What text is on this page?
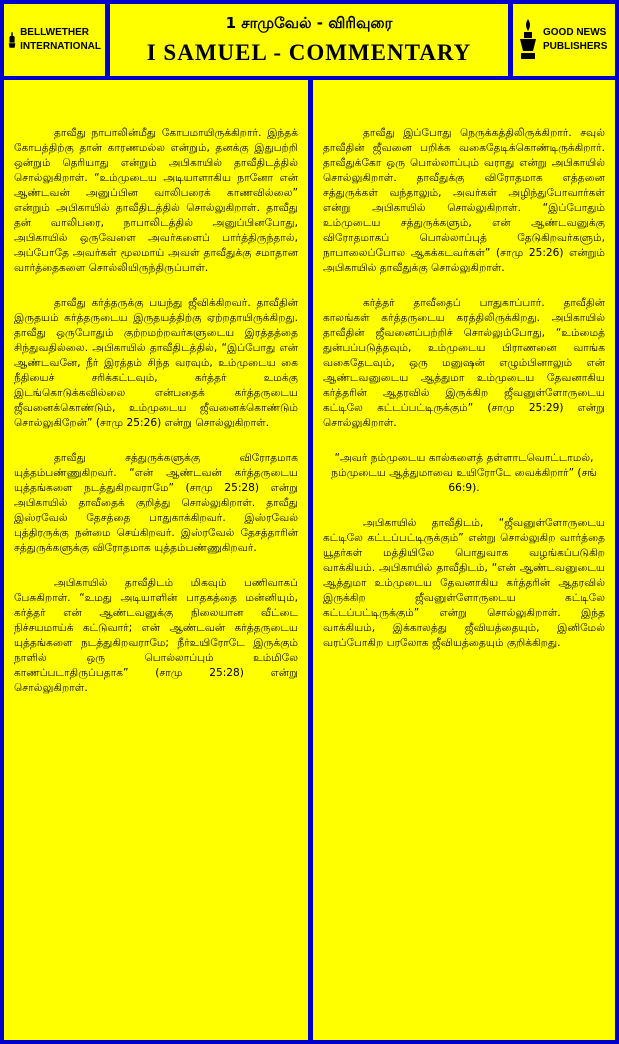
BELLWETHER
INTERNATIONAL
1 சாமுவேல் - விரிவுரை
I SAMUEL - COMMENTARY
GOOD NEWS
PUBLISHERS

தாவீது நாபாலின்மீது கோபமாயிருக்கிறார். இந்தக் கோபத்திற்கு தான் காரணமல்ல என்றும், தனக்கு இதுபற்றி ஒன்றும் தெரியாது என்றும் அபிகாயில் தாவீதிடத்தில் சொல்லுகிறாள். “உம்முடைய அடியாளாகிய நானோ என் ஆண்டவன் அனுப்பின வாலிபரைக் காணவில்லை” என்றும் அபிகாயில் தாவீதிடத்தில் சொல்லுகிறாள். தாவீது தன் வாலிபரை, நாபாலிடத்தில் அனுப்பினபோது, அபிகாயில் ஒருவேளை அவர்களைப் பார்த்திருந்தால், அப்போதே அவர்கள் மூலமாய் அவள் தாவீதுக்கு சமாதான வார்த்தைகளை சொல்லியிருந்திருப்பாள்.

தாவீது கர்த்தருக்கு பயந்து ஜீவிக்கிறவர். தாவீதின் இருதயம் கர்த்தருடைய இருதயத்திற்கு ஏற்றதாயிருக்கிறது. தாவீது ஒருபோதும் குற்றமற்றவர்களுடைய இரத்தத்தை சிந்துவதில்லை. அபிகாயில் தாவீதிடத்தில், “இப்போது என் ஆண்டவனே, நீர் இரத்தம் சிந்த வரவும், உம்முடைய கை நீதியைச் சரிக்கட்டவும், கர்த்தர் உமக்கு இடங்கொடுக்கவில்லை என்பதைக் கர்த்தருடைய ஜீவனைக்கொண்டும், உம்முடைய ஜீவனைக்கொண்டும் சொல்லுகிறேன்” (சாமு 25:26) என்று சொல்லுகிறாள்.

தாவீது சத்துருக்களுக்கு விரோதமாக யுத்தம்பண்ணுகிறவர். “என் ஆண்டவன் கர்த்தருடைய யுத்தங்களை நடத்துகிறவராமே” (சாமு 25:28) என்று அபிகாயில் தாவீதைக் குறித்து சொல்லுகிறாள். தாவீது இஸ்ரவேல் தேசத்தை பாதுகாக்கிறவர். இஸ்ரவேல் புத்திரருக்கு நன்மை செய்கிறவர். இஸ்ரவேல் தேசத்தாரின் சத்துருக்களுக்கு விரோதமாக யுத்தம்பண்ணுகிறவர்.

அபிகாயில் தாவீதிடம் மிகவும் பணிவாகப் பேசுகிறாள். “உமது அடியாளின் பாதகத்தை மன்னியும், கர்த்தர் என் ஆண்டவனுக்கு நிலையான வீட்டை நிச்சயமாய்க் கட்டுவார்; என் ஆண்டவன் கர்த்தருடைய யுத்தங்களை நடத்துகிறவராமே; நீர்உயிரோடே இருக்கும் நாளில் ஒரு பொல்லாப்பும் உம்மிலே காணப்படாதிருப்பதாக” (சாமு 25:28) என்று சொல்லுகிறாள்.

தாவீது இப்போது நெருக்கத்திலிருக்கிறார். சவுல் தாவீதின் ஜீவனை பறிக்க வகைதேடிக்கொண்டிருக்கிறார். தாவீதுக்கோ ஒரு பொல்லாப்பும் வராது என்று அபிகாயில் சொல்லுகிறாள். தாவீதுக்கு விரோதமாக எத்தனை சத்துருக்கள் வந்தாலும், அவர்கள் அழிந்துபோவார்கள் என்று அபிகாயில் சொல்லுகிறாள். “இப்போதும் உம்முடைய சத்துருக்களும், என் ஆண்டவனுக்கு விரோதமாகப் பொல்லாப்புத் தேடுகிறவர்களும், நாபாலைப்போல ஆகக்கடவர்கள்” (சாமு 25:26) என்றும் அபிகாயில் தாவீதுக்கு சொல்லுகிறாள்.

கர்த்தர் தாவீதைப் பாதுகாப்பார். தாவீதின் காலங்கள் கர்த்தருடைய கரத்திலிருக்கிறது. அபிகாயில் தாவீதின் ஜீவனைப்பற்றிச் சொல்லும்போது, “உம்மைத் துன்பப்படுத்தவும், உம்முடைய பிராணனை வாங்க வகைதேடவும், ஒரு மனுஷன் எழும்பினாலும் என் ஆண்டவனுடைய ஆத்துமா உம்முடைய தேவனாகிய கர்த்தரின் ஆதரவில் இருக்கிற ஜீவனுள்ளோருடைய கட்டிலே கட்டப்பட்டிருக்கும்” (சாமு 25:29) என்று சொல்லுகிறாள்.

“அவர் நம்முடைய கால்களைத் தள்ளாடவொட்டாமல், நம்முடைய ஆத்துமாவை உயிரோடே வைக்கிறார்” (சங் 66:9).

அபிகாயில் தாவீதிடம், “ஜீவனுள்ளோருடைய கட்டிலே கட்டப்பட்டிருக்கும்” என்று சொல்லுகிற வார்த்தை யூதர்கள் மத்தியிலே பொதுவாக வழங்கப்படுகிற வாக்கியம். அபிகாயில் தாவீதிடம், “என் ஆண்டவனுடைய ஆத்துமா உம்முடைய தேவனாகிய கர்த்தரின் ஆதரவில் இருக்கிற ஜீவனுள்ளோருடைய கட்டிலே கட்டப்பட்டிருக்கும்” என்று சொல்லுகிறாள். இந்த வாக்கியம், இக்காலத்து ஜீவியத்தையும், இனிமேல் வரப்போகிற பரலோக ஜீவியத்தையும் குறிக்கிறது.
